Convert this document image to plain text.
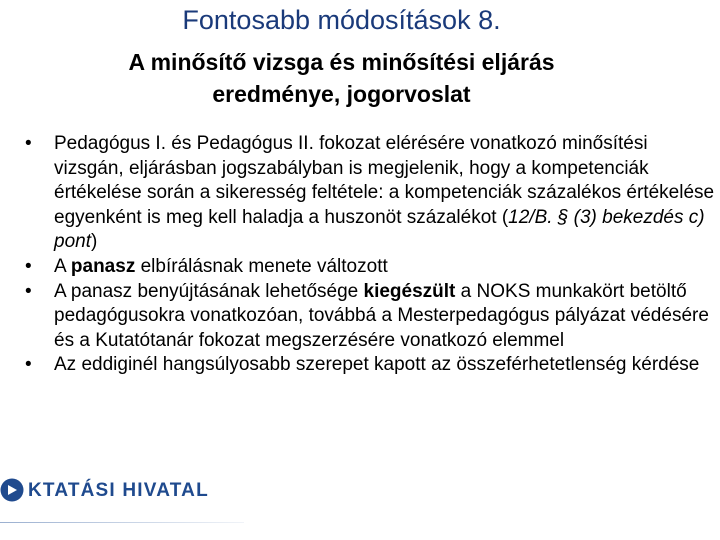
Fontosabb módosítások 8.
A minősítő vizsga és minősítési eljárás
eredménye, jogorvoslat
•	Pedagógus I. és Pedagógus II. fokozat elérésére vonatkozó minősítési vizsgán, eljárásban jogszabályban is megjelenik, hogy a kompetenciák értékelése során a sikeresség feltétele: a kompetenciák százalékos értékelése egyenként is meg kell haladja a huszonöt százalékot (12/B. § (3) bekezdés c) pont)
•	A panasz elbírálásnak menete változott
•	A panasz benyújtásának lehetősége kiegészült a NOKS munkakört betöltő pedagógusokra vonatkozóan, továbbá a Mesterpedagógus pályázat védésére és a Kutatótanár fokozat megszerzésére vonatkozó elemmel
•	Az eddiginél hangsúlyosabb szerepet kapott az összeférhetetlenség kérdése
KTATÁSI HIVATAL
